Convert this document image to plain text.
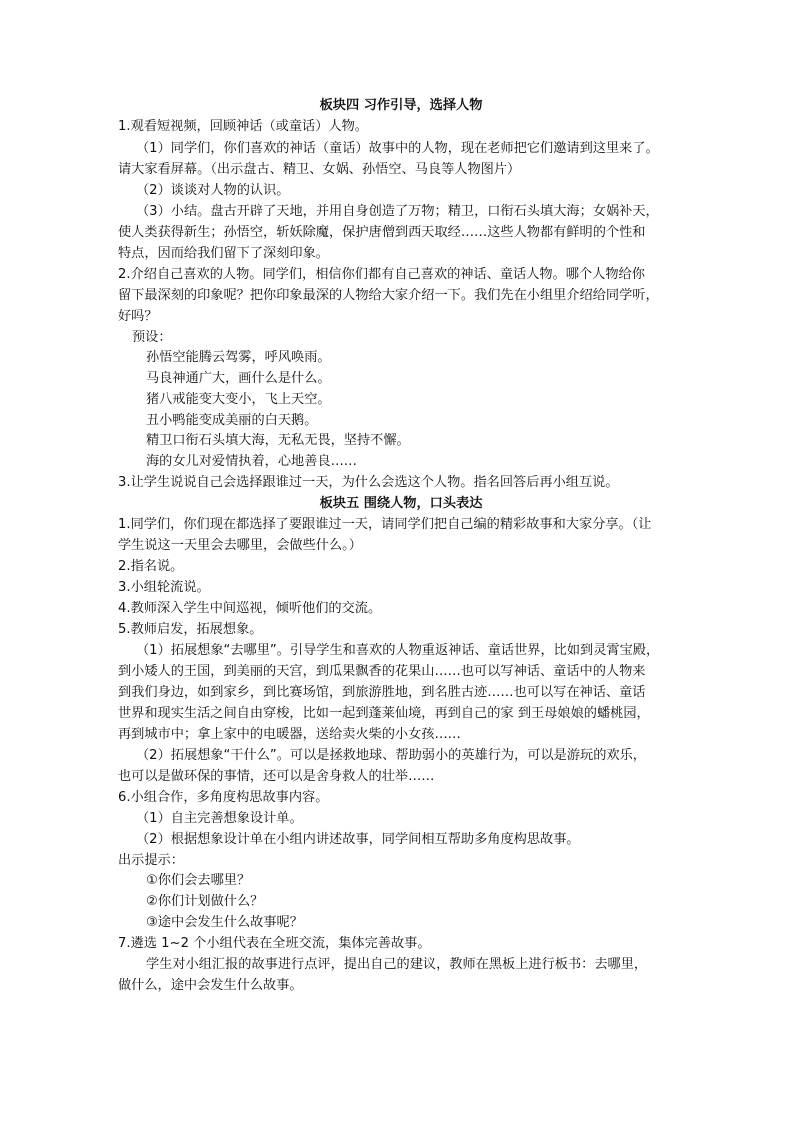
板块四 习作引导，选择人物
1.观看短视频，回顾神话（或童话）人物。
（1）同学们，你们喜欢的神话（童话）故事中的人物，现在老师把它们邀请到这里来了。
请大家看屏幕。（出示盘古、精卫、女娲、孙悟空、马良等人物图片）
（2）谈谈对人物的认识。
（3）小结。盘古开辟了天地，并用自身创造了万物；精卫，口衔石头填大海；女娲补天，
使人类获得新生；孙悟空，斩妖除魔，保护唐僧到西天取经……这些人物都有鲜明的个性和
特点，因而给我们留下了深刻印象。
2.介绍自己喜欢的人物。同学们，相信你们都有自己喜欢的神话、童话人物。哪个人物给你
留下最深刻的印象呢？把你印象最深的人物给大家介绍一下。我们先在小组里介绍给同学听，
好吗？
预设：
孙悟空能腾云驾雾，呼风唤雨。
马良神通广大，画什么是什么。
猪八戒能变大变小，飞上天空。
丑小鸭能变成美丽的白天鹅。
精卫口衔石头填大海，无私无畏，坚持不懈。
海的女儿对爱情执着，心地善良……
3.让学生说说自己会选择跟谁过一天，为什么会选这个人物。指名回答后再小组互说。
板块五 围绕人物，口头表达
1.同学们，你们现在都选择了要跟谁过一天，请同学们把自己编的精彩故事和大家分享。（让
学生说这一天里会去哪里，会做些什么。）
2.指名说。
3.小组轮流说。
4.教师深入学生中间巡视，倾听他们的交流。
5.教师启发，拓展想象。
（1）拓展想象“去哪里”。引导学生和喜欢的人物重返神话、童话世界，比如到灵霄宝殿，
到小矮人的王国，到美丽的天宫，到瓜果飘香的花果山……也可以写神话、童话中的人物来
到我们身边，如到家乡，到比赛场馆，到旅游胜地，到名胜古迹……也可以写在神话、童话
世界和现实生活之间自由穿梭，比如一起到蓬莱仙境，再到自己的家 到王母娘娘的蟠桃园，
再到城市中；拿上家中的电暖器，送给卖火柴的小女孩……
（2）拓展想象“干什么”。可以是拯救地球、帮助弱小的英雄行为，可以是游玩的欢乐，
也可以是做环保的事情，还可以是舍身救人的壮举……
6.小组合作，多角度构思故事内容。
（1）自主完善想象设计单。
（2）根据想象设计单在小组内讲述故事，同学间相互帮助多角度构思故事。
出示提示：
①你们会去哪里？
②你们计划做什么？
③途中会发生什么故事呢？
7.遴选 1~2 个小组代表在全班交流，集体完善故事。
学生对小组汇报的故事进行点评，提出自己的建议，教师在黑板上进行板书：去哪里，
做什么，途中会发生什么故事。
